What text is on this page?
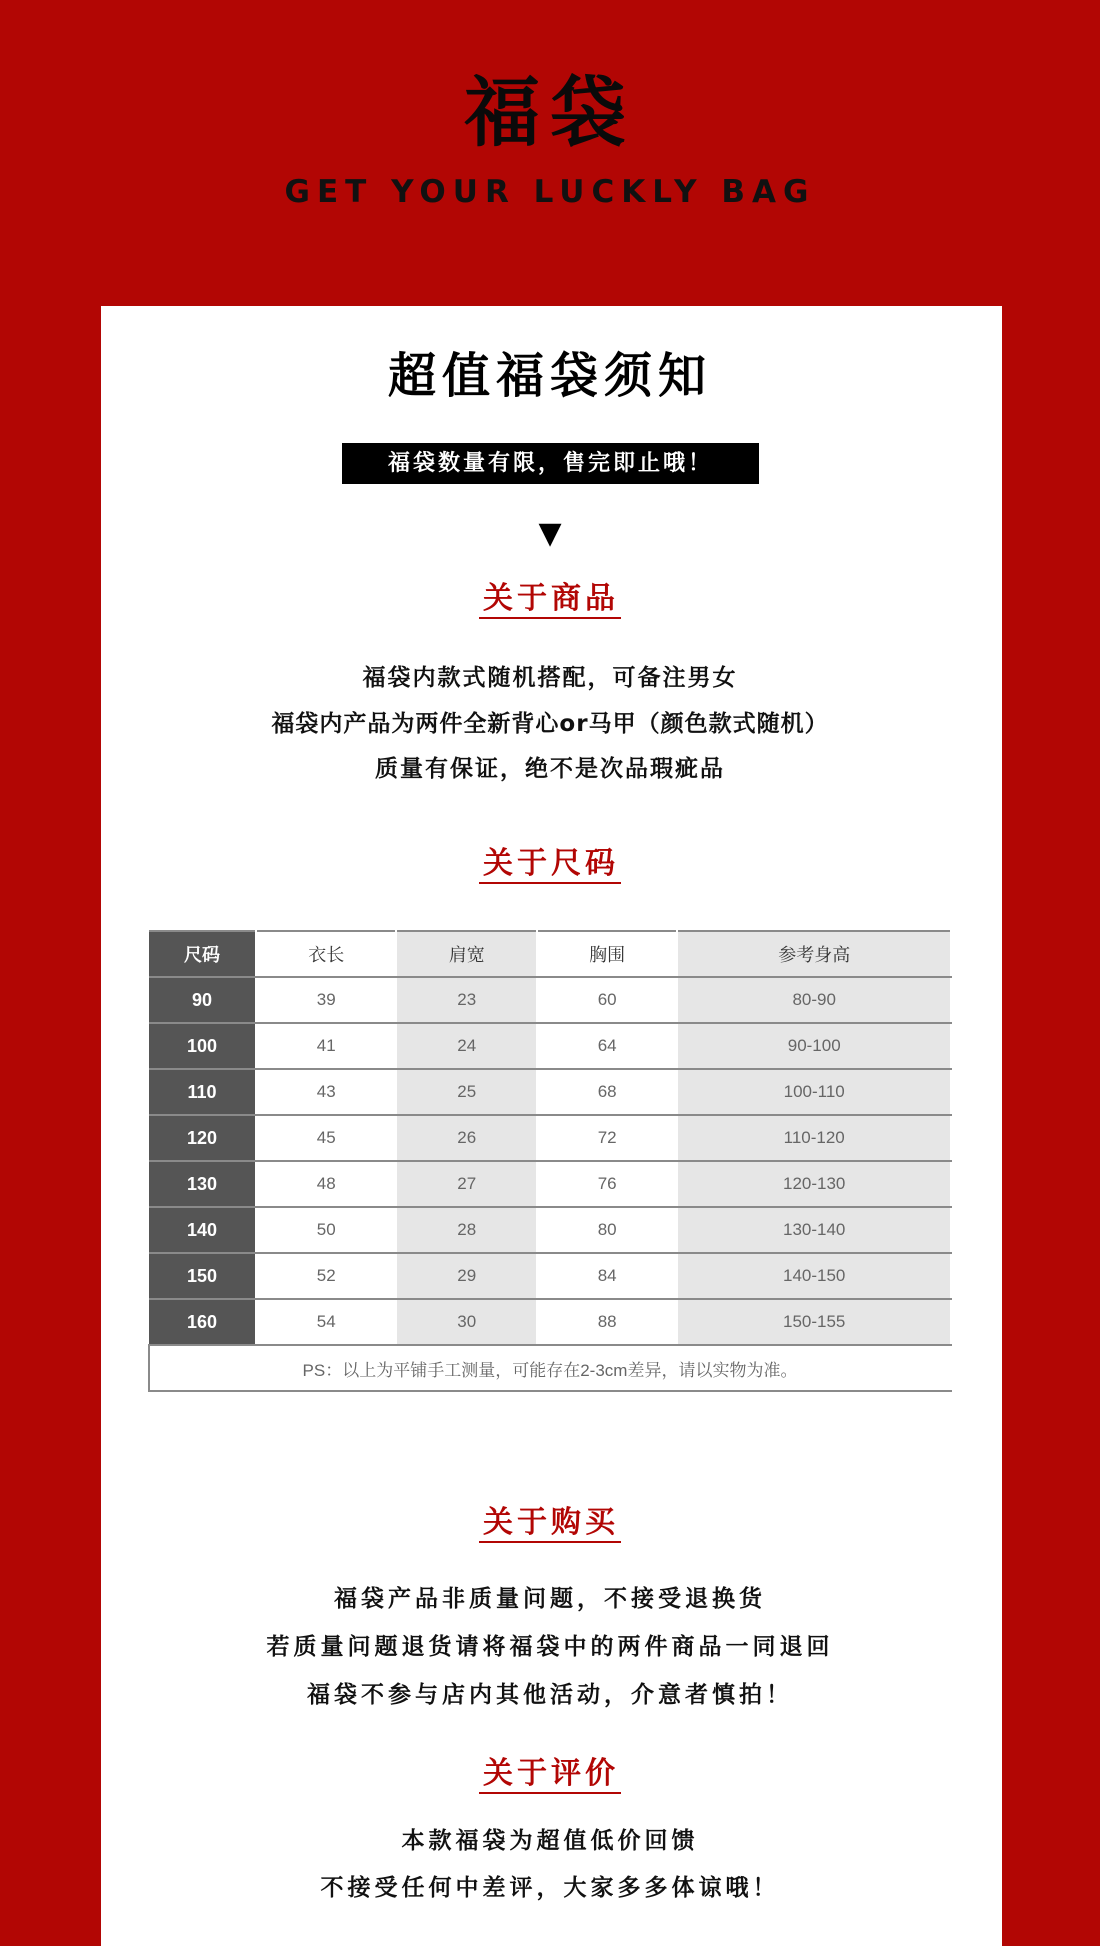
福袋
GET YOUR LUCKLY BAG
超值福袋须知
福袋数量有限，售完即止哦！
▼
关于商品
福袋内款式随机搭配，可备注男女
福袋内产品为两件全新背心or马甲（颜色款式随机）
质量有保证，绝不是次品瑕疵品
关于尺码
尺码	衣长	肩宽	胸围	参考身高
90	39	23	60	80-90
100	41	24	64	90-100
110	43	25	68	100-110
120	45	26	72	110-120
130	48	27	76	120-130
140	50	28	80	130-140
150	52	29	84	140-150
160	54	30	88	150-155
PS：以上为平铺手工测量，可能存在2-3cm差异，请以实物为准。				
关于购买
福袋产品非质量问题，不接受退换货
若质量问题退货请将福袋中的两件商品一同退回
福袋不参与店内其他活动，介意者慎拍！
关于评价
本款福袋为超值低价回馈
不接受任何中差评，大家多多体谅哦！
